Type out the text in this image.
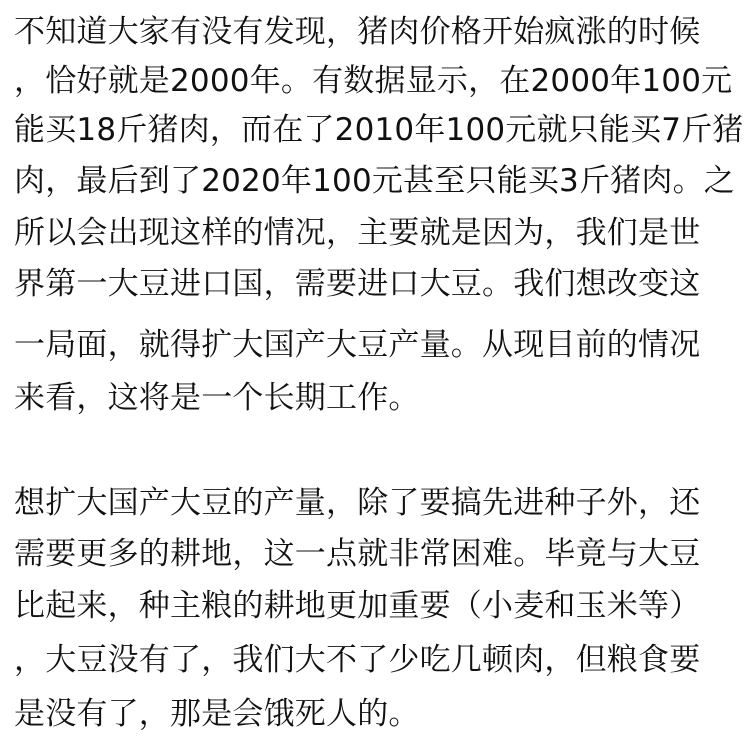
不知道大家有没有发现，猪肉价格开始疯涨的时候
，恰好就是2000年。有数据显示，在2000年100元
能买18斤猪肉，而在了2010年100元就只能买7斤猪
肉，最后到了2020年100元甚至只能买3斤猪肉。之
所以会出现这样的情况，主要就是因为，我们是世
界第一大豆进口国，需要进口大豆。我们想改变这
一局面，就得扩大国产大豆产量。从现目前的情况
来看，这将是一个长期工作。
想扩大国产大豆的产量，除了要搞先进种子外，还
需要更多的耕地，这一点就非常困难。毕竟与大豆
比起来，种主粮的耕地更加重要（小麦和玉米等）
，大豆没有了，我们大不了少吃几顿肉，但粮食要
是没有了，那是会饿死人的。
